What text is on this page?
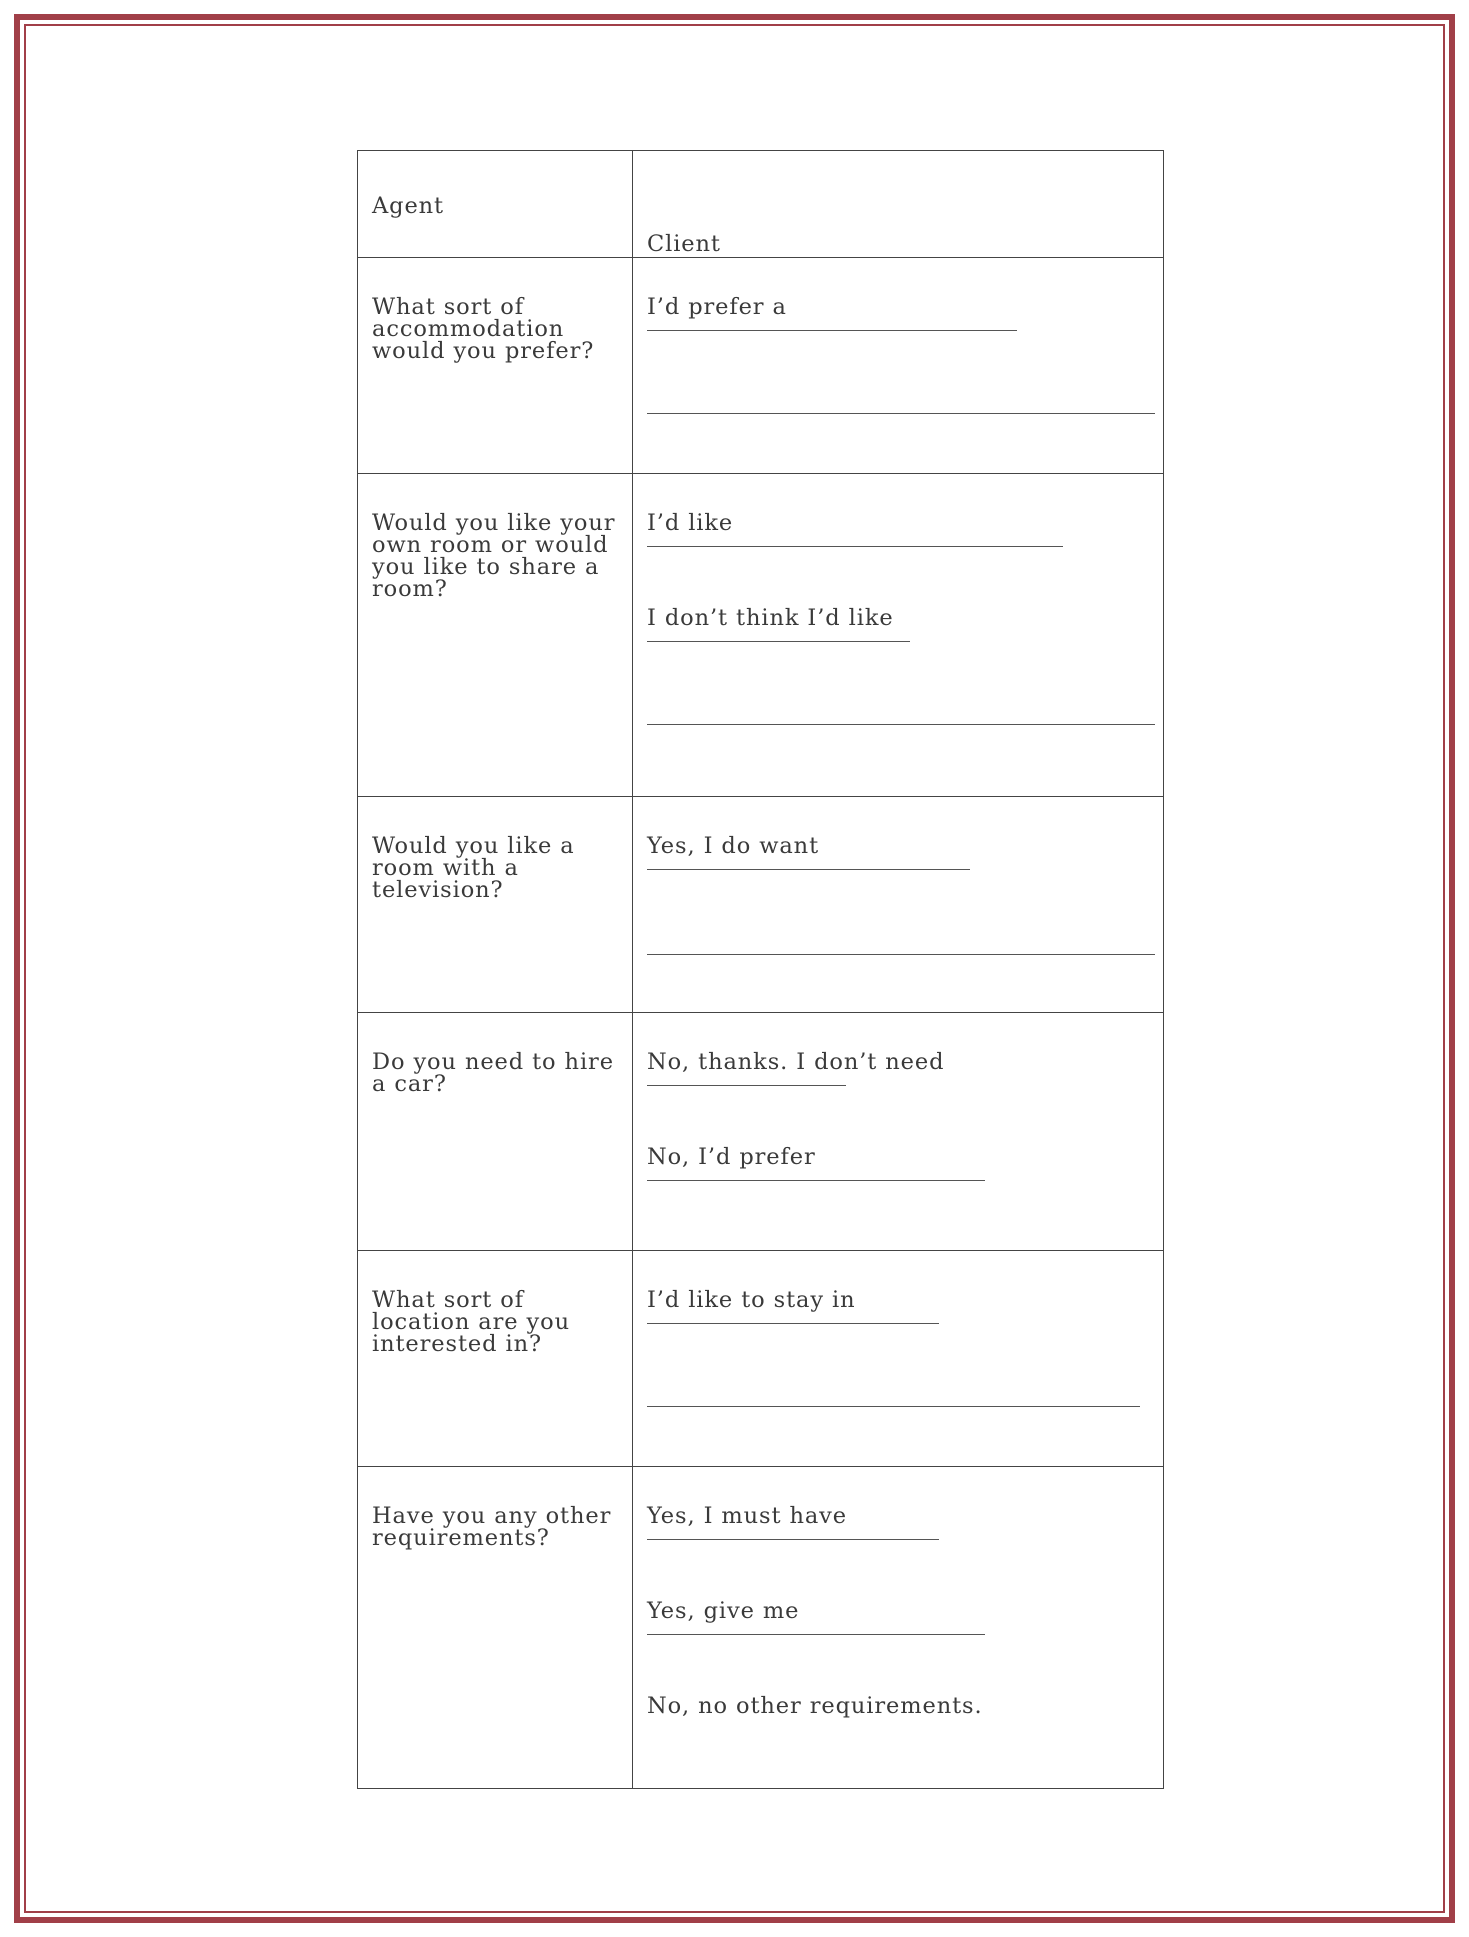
Agent	Client

What sort of accommodation would you prefer?	I’d prefer a

Would you like your own room or would you like to share a room?	I’d like
I don’t think I’d like

Would you like a room with a television?	Yes, I do want

Do you need to hire a car?	No, thanks. I don’t need
No, I’d prefer

What sort of location are you interested in?	I’d like to stay in

Have you any other requirements?	Yes, I must have
Yes, give me
No, no other requirements.
